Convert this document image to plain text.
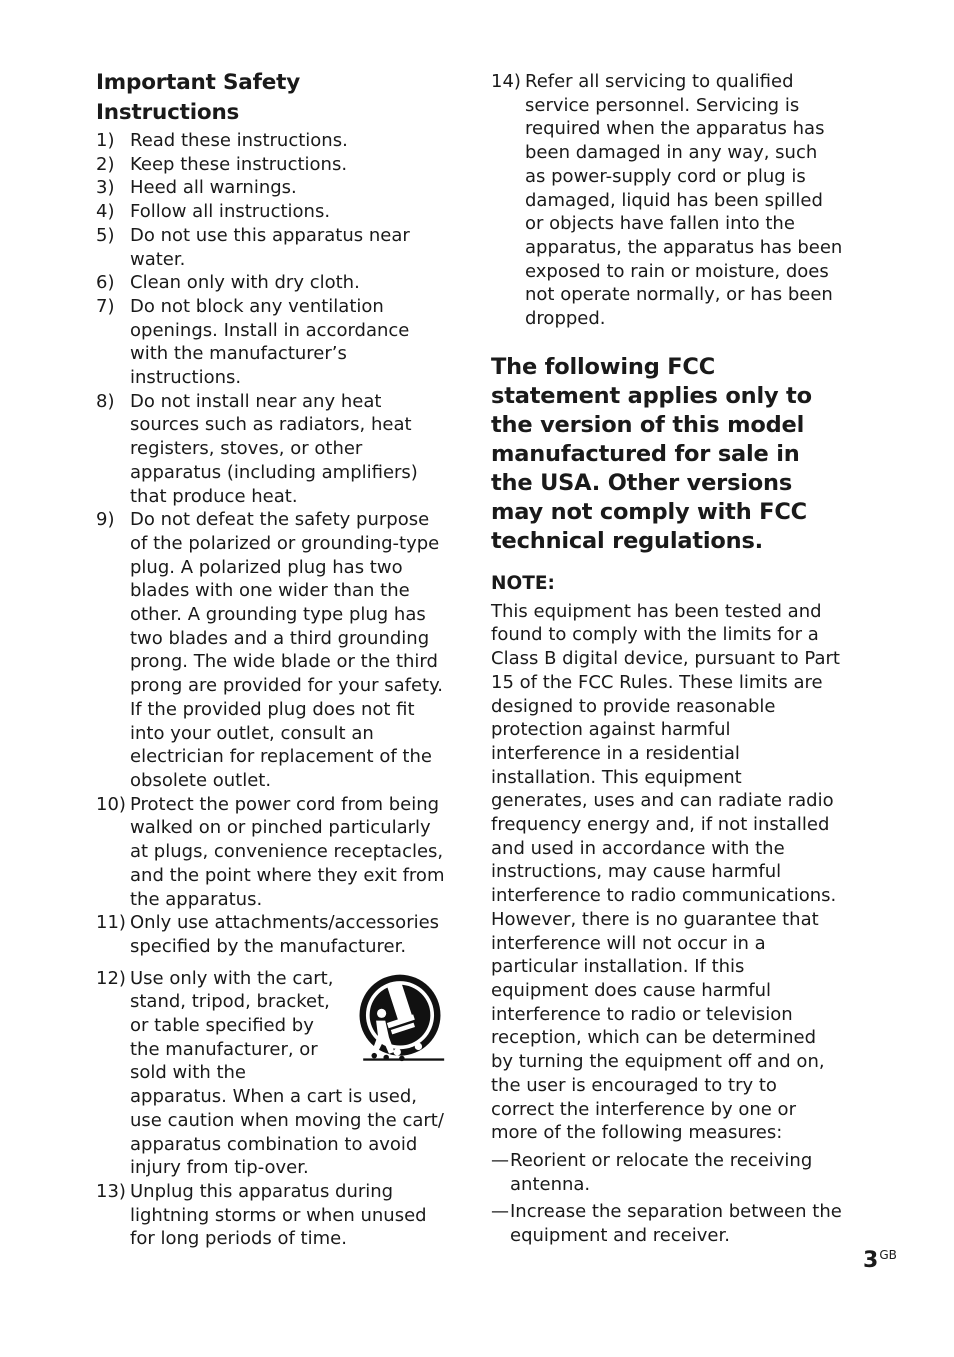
Important Safety Instructions
1) Read these instructions.
2) Keep these instructions.
3) Heed all warnings.
4) Follow all instructions.
5) Do not use this apparatus near water.
6) Clean only with dry cloth.
7) Do not block any ventilation openings. Install in accordance with the manufacturer’s instructions.
8) Do not install near any heat sources such as radiators, heat registers, stoves, or other apparatus (including amplifiers) that produce heat.
9) Do not defeat the safety purpose of the polarized or grounding-type plug. A polarized plug has two blades with one wider than the other. A grounding type plug has two blades and a third grounding prong. The wide blade or the third prong are provided for your safety. If the provided plug does not fit into your outlet, consult an electrician for replacement of the obsolete outlet.
10) Protect the power cord from being walked on or pinched particularly at plugs, convenience receptacles, and the point where they exit from the apparatus.
11) Only use attachments/accessories specified by the manufacturer.
12) Use only with the cart, stand, tripod, bracket, or table specified by the manufacturer, or sold with the
apparatus. When a cart is used, use caution when moving the cart/ apparatus combination to avoid injury from tip-over.
13) Unplug this apparatus during lightning storms or when unused for long periods of time.
14) Refer all servicing to qualified service personnel. Servicing is required when the apparatus has been damaged in any way, such as power-supply cord or plug is damaged, liquid has been spilled or objects have fallen into the apparatus, the apparatus has been exposed to rain or moisture, does not operate normally, or has been dropped.
The following FCC statement applies only to the version of this model manufactured for sale in the USA. Other versions may not comply with FCC technical regulations.
NOTE:

This equipment has been tested and found to comply with the limits for a Class B digital device, pursuant to Part 15 of the FCC Rules. These limits are designed to provide reasonable protection against harmful interference in a residential installation. This equipment generates, uses and can radiate radio frequency energy and, if not installed and used in accordance with the instructions, may cause harmful interference to radio communications.

However, there is no guarantee that interference will not occur in a particular installation. If this equipment does cause harmful interference to radio or television reception, which can be determined by turning the equipment off and on, the user is encouraged to try to correct the interference by one or more of the following measures:

— Reorient or relocate the receiving antenna.
— Increase the separation between the equipment and receiver.
$3^{GB}$
